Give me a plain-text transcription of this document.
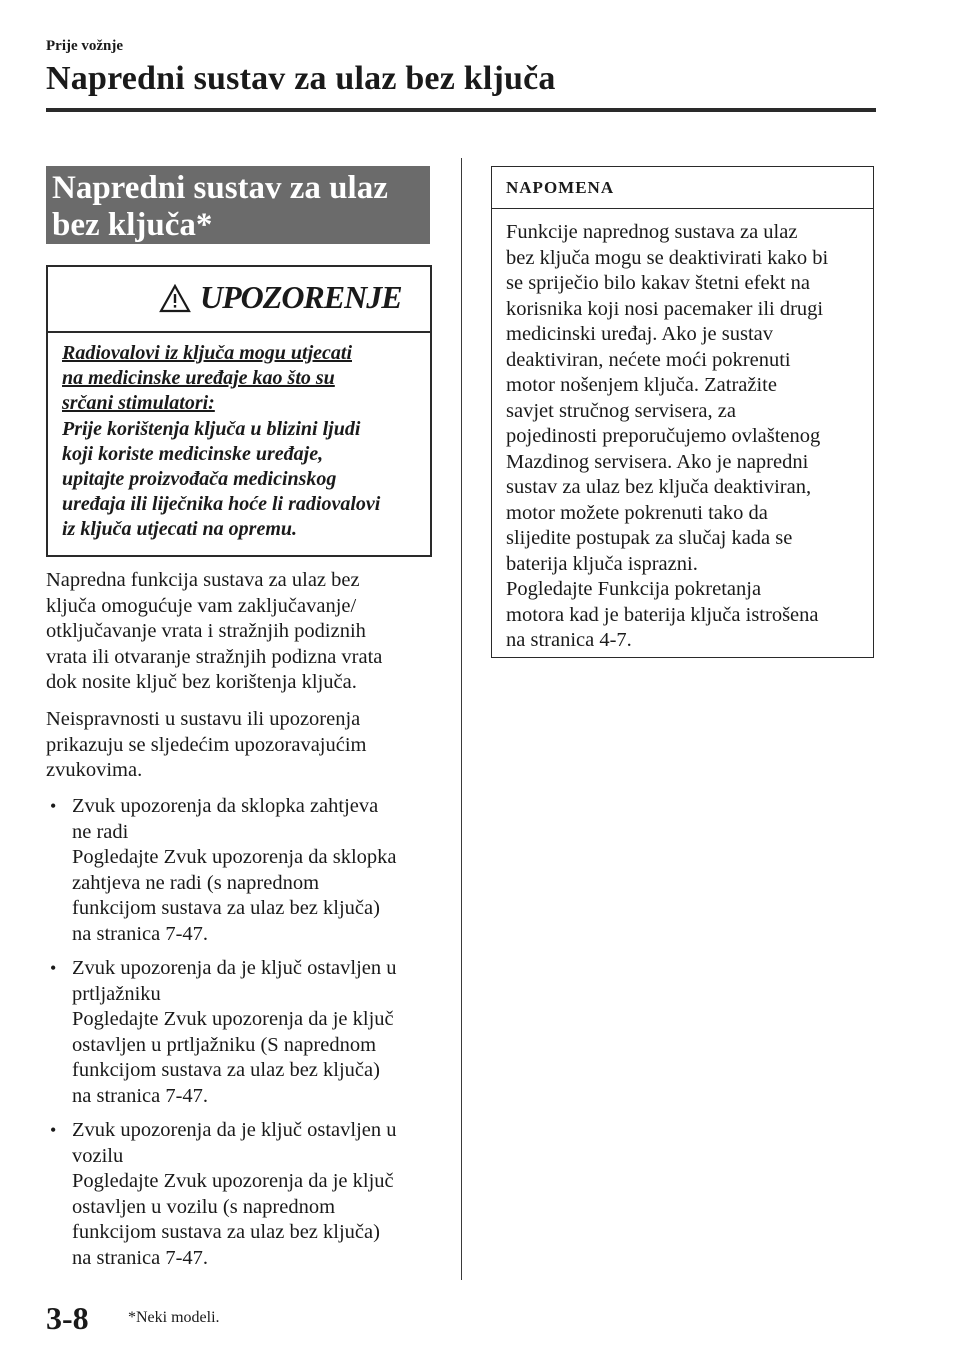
Prije vožnje
Napredni sustav za ulaz bez ključa
Napredni sustav za ulaz
bez ključa*
UPOZORENJE
Radiovalovi iz ključa mogu utjecati
na medicinske uređaje kao što su
srčani stimulatori:
Prije korištenja ključa u blizini ljudi
koji koriste medicinske uređaje,
upitajte proizvođača medicinskog
uređaja ili liječnika hoće li radiovalovi
iz ključa utjecati na opremu.
Napredna funkcija sustava za ulaz bez
ključa omogućuje vam zaključavanje/
otključavanje vrata i stražnjih podiznih
vrata ili otvaranje stražnjih podizna vrata
dok nosite ključ bez korištenja ključa.
Neispravnosti u sustavu ili upozorenja
prikazuju se sljedećim upozoravajućim
zvukovima.
• Zvuk upozorenja da sklopka zahtjeva
ne radi
Pogledajte Zvuk upozorenja da sklopka
zahtjeva ne radi (s naprednom
funkcijom sustava za ulaz bez ključa)
na stranica 7-47.
• Zvuk upozorenja da je ključ ostavljen u
prtljažniku
Pogledajte Zvuk upozorenja da je ključ
ostavljen u prtljažniku (S naprednom
funkcijom sustava za ulaz bez ključa)
na stranica 7-47.
• Zvuk upozorenja da je ključ ostavljen u
vozilu
Pogledajte Zvuk upozorenja da je ključ
ostavljen u vozilu (s naprednom
funkcijom sustava za ulaz bez ključa)
na stranica 7-47.
NAPOMENA
Funkcije naprednog sustava za ulaz
bez ključa mogu se deaktivirati kako bi
se spriječio bilo kakav štetni efekt na
korisnika koji nosi pacemaker ili drugi
medicinski uređaj. Ako je sustav
deaktiviran, nećete moći pokrenuti
motor nošenjem ključa. Zatražite
savjet stručnog servisera, za
pojedinosti preporučujemo ovlaštenog
Mazdinog servisera. Ako je napredni
sustav za ulaz bez ključa deaktiviran,
motor možete pokrenuti tako da
slijedite postupak za slučaj kada se
baterija ključa isprazni.
Pogledajte Funkcija pokretanja
motora kad je baterija ključa istrošena
na stranica 4-7.
3-8 *Neki modeli.
